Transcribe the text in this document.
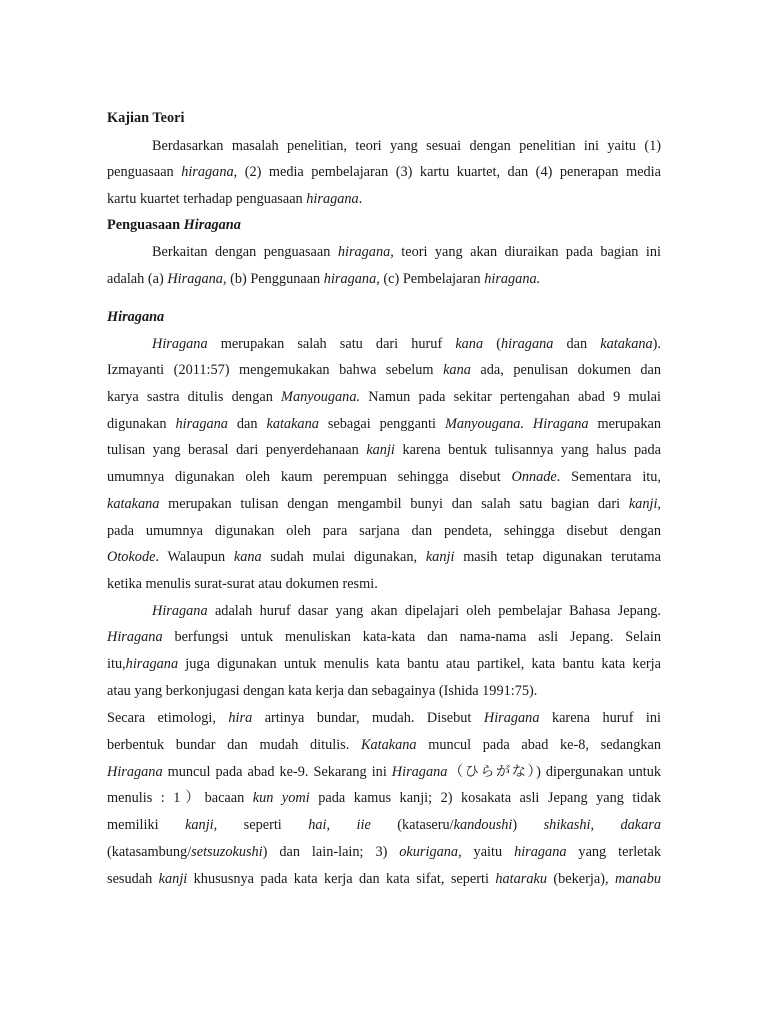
Kajian Teori
Berdasarkan masalah penelitian, teori yang sesuai dengan penelitian ini yaitu (1)
penguasaan hiragana, (2) media pembelajaran (3) kartu kuartet, dan (4) penerapan media
kartu kuartet terhadap penguasaan hiragana.
Penguasaan Hiragana
Berkaitan dengan penguasaan hiragana, teori yang akan diuraikan pada bagian ini
adalah (a) Hiragana, (b) Penggunaan hiragana, (c) Pembelajaran hiragana.
Hiragana
Hiragana merupakan salah satu dari huruf kana (hiragana dan katakana).
Izmayanti (2011:57) mengemukakan bahwa sebelum kana ada, penulisan dokumen dan
karya sastra ditulis dengan Manyougana. Namun pada sekitar pertengahan abad 9 mulai
digunakan hiragana dan katakana sebagai pengganti Manyougana. Hiragana merupakan
tulisan yang berasal dari penyerdehanaan kanji karena bentuk tulisannya yang halus pada
umumnya digunakan oleh kaum perempuan sehingga disebut Onnade. Sementara itu,
katakana merupakan tulisan dengan mengambil bunyi dan salah satu bagian dari kanji,
pada umumnya digunakan oleh para sarjana dan pendeta, sehingga disebut dengan
Otokode. Walaupun kana sudah mulai digunakan, kanji masih tetap digunakan terutama
ketika menulis surat-surat atau dokumen resmi.
Hiragana adalah huruf dasar yang akan dipelajari oleh pembelajar Bahasa Jepang.
Hiragana berfungsi untuk menuliskan kata-kata dan nama-nama asli Jepang. Selain
itu,hiragana juga digunakan untuk menulis kata bantu atau partikel, kata bantu kata kerja
atau yang berkonjugasi dengan kata kerja dan sebagainya (Ishida 1991:75).
Secara etimologi, hira artinya bundar, mudah. Disebut Hiragana karena huruf ini
berbentuk bundar dan mudah ditulis. Katakana muncul pada abad ke-8, sedangkan
Hiragana muncul pada abad ke-9. Sekarang ini Hiragana（ひらがな）) dipergunakan untuk
menulis : 1）bacaan kun yomi pada kamus kanji; 2) kosakata asli Jepang yang tidak
memiliki kanji, seperti hai, iie (kataseru/kandoushi) shikashi, dakara
(katasambung/setsuzokushi) dan lain-lain; 3) okurigana, yaitu hiragana yang terletak
sesudah kanji khususnya pada kata kerja dan kata sifat, seperti hataraku (bekerja), manabu
